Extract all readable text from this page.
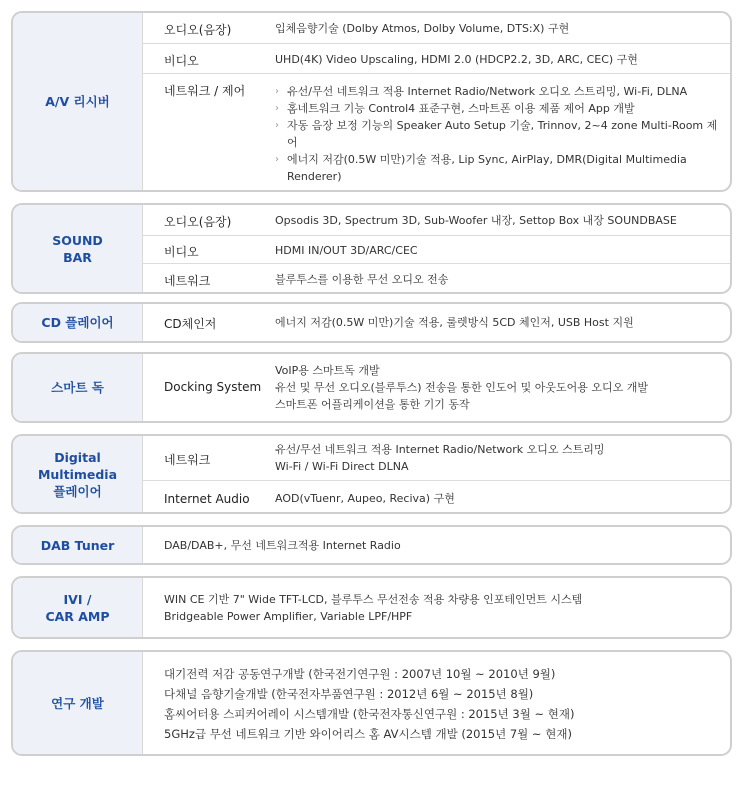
A/V 리시버
오디오(음장)	입체음향기술 (Dolby Atmos, Dolby Volume, DTS:X) 구현
비디오	UHD(4K) Video Upscaling, HDMI 2.0 (HDCP2.2, 3D, ARC, CEC) 구현
네트워크 / 제어
›	유선/무선 네트워크 적용 Internet Radio/Network 오디오 스트리밍, Wi-Fi, DLNA
› 홈네트워크 기능 Control4 표준구현, 스마트폰 이용 제품 제어 App 개발
› 자동 음장 보정 기능의 Speaker Auto Setup 기술, Trinnov, 2~4 zone Multi-Room 제어
› 에너지 저감(0.5W 미만)기술 적용, Lip Sync, AirPlay, DMR(Digital Multimedia Renderer)
SOUND
BAR
오디오(음장)	Opsodis 3D, Spectrum 3D, Sub-Woofer 내장, Settop Box 내장 SOUNDBASE
비디오	HDMI IN/OUT 3D/ARC/CEC
네트워크	블루투스를 이용한 무선 오디오 전송
CD 플레이어	CD체인저	에너지 저감(0.5W 미만)기술 적용, 룰렛방식 5CD 체인저, USB Host 지원
스마트 독	Docking System
VoIP용 스마트독 개발
유선 및 무선 오디오(블루투스) 전송을 통한 인도어 및 아웃도어용 오디오 개발
스마트폰 어플리케이션을 통한 기기 동작
Digital Multimedia
플레이어
네트워크
유선/무선 네트워크 적용 Internet Radio/Network 오디오 스트리밍
Wi-Fi / Wi-Fi Direct DLNA
Internet Audio AOD(vTuenr, Aupeo, Reciva) 구현
DAB Tuner	DAB/DAB+, 무선 네트워크적용 Internet Radio
IVI /
CAR AMP
WIN CE 기반 7" Wide TFT-LCD, 블루투스 무선전송 적용 차량용 인포테인먼트 시스템
Bridgeable Power Amplifier, Variable LPF/HPF
연구 개발
대기전력 저감 공동연구개발 (한국전기연구원 : 2007년 10월 ~ 2010년 9월)
다채널 음향기술개발 (한국전자부품연구원 : 2012년 6월 ~ 2015년 8월)
홈씨어터용 스피커어레이 시스템개발 (한국전자통신연구원 : 2015년 3월 ~ 현재)
5GHz급 무선 네트워크 기반 와이어리스 홈 AV시스템 개발 (2015년 7월 ~ 현재)
